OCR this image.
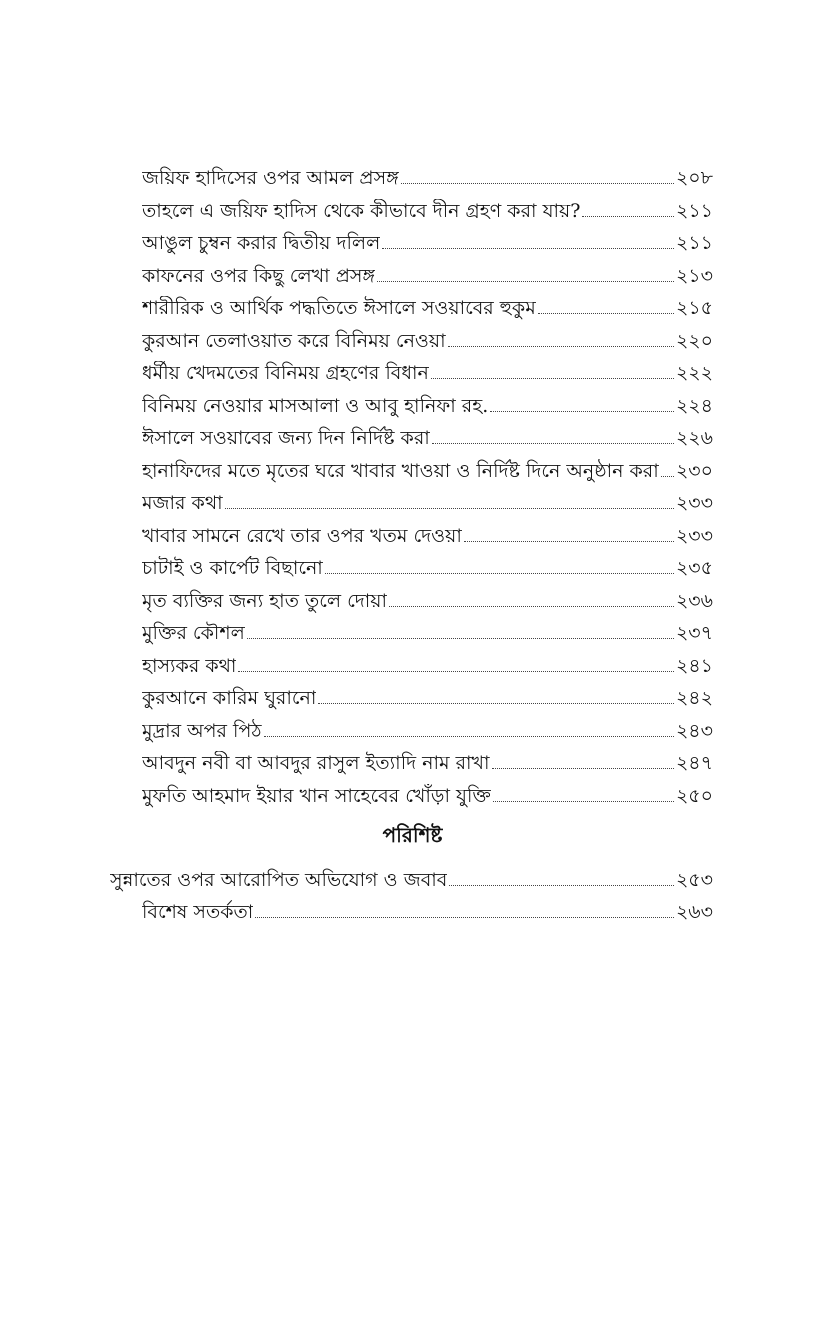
জয়িফ হাদিসের ওপর আমল প্রসঙ্গ	২০৮
তাহলে এ জয়িফ হাদিস থেকে কীভাবে দীন গ্রহণ করা যায়?	২১১
আঙুল চুম্বন করার দ্বিতীয় দলিল	২১১
কাফনের ওপর কিছু লেখা প্রসঙ্গ	২১৩
শারীরিক ও আর্থিক পদ্ধতিতে ঈসালে সওয়াবের হুকুম	২১৫
কুরআন তেলাওয়াত করে বিনিময় নেওয়া	২২০
ধর্মীয় খেদমতের বিনিময় গ্রহণের বিধান	২২২
বিনিময় নেওয়ার মাসআলা ও আবু হানিফা রহ.	২২৪
ঈসালে সওয়াবের জন্য দিন নির্দিষ্ট করা	২২৬
হানাফিদের মতে মৃতের ঘরে খাবার খাওয়া ও নির্দিষ্ট দিনে অনুষ্ঠান করা ২৩০
মজার কথা	২৩৩
খাবার সামনে রেখে তার ওপর খতম দেওয়া	২৩৩
চাটাই ও কার্পেট বিছানো	২৩৫
মৃত ব্যক্তির জন্য হাত তুলে দোয়া	২৩৬
মুক্তির কৌশল	২৩৭
হাস্যকর কথা	২৪১
কুরআনে কারিম ঘুরানো	২৪২
মুদ্রার অপর পিঠ	২৪৩
আবদুন নবী বা আবদুর রাসুল ইত্যাদি নাম রাখা	২৪৭
মুফতি আহমাদ ইয়ার খান সাহেবের খোঁড়া যুক্তি	২৫০
পরিশিষ্ট
সুন্নাতের ওপর আরোপিত অভিযোগ ও জবাব	২৫৩
বিশেষ সতর্কতা	২৬৩
